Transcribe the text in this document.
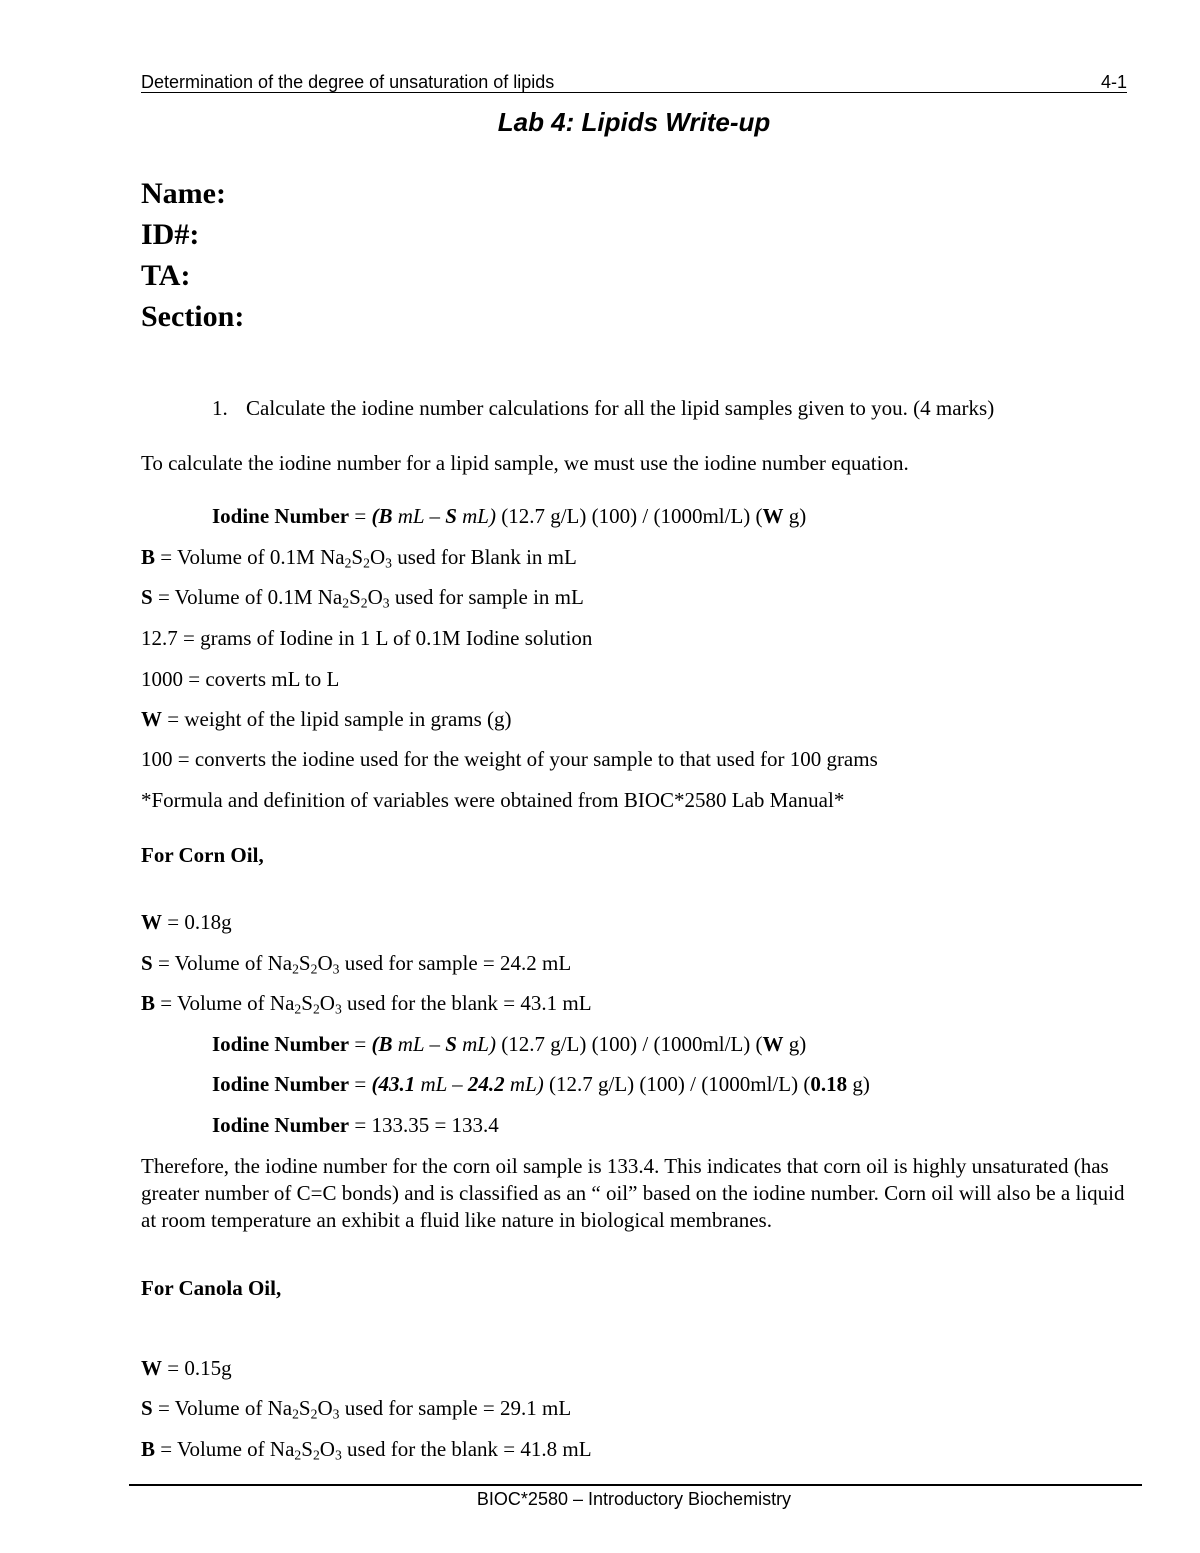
Determination of the degree of unsaturation of lipids	4-1
Lab 4: Lipids Write-up
Name:
ID#:
TA:
Section:
1. Calculate the iodine number calculations for all the lipid samples given to you. (4 marks)
To calculate the iodine number for a lipid sample, we must use the iodine number equation.
Iodine Number = (B mL – S mL) (12.7 g/L) (100) / (1000ml/L) (W g)
B = Volume of 0.1M $Na_2S_2O_3$ used for Blank in mL
S = Volume of 0.1M $Na_2S_2O_3$ used for sample in mL
12.7 = grams of Iodine in 1 L of 0.1M Iodine solution
1000 = coverts mL to L
W = weight of the lipid sample in grams (g)
100 = converts the iodine used for the weight of your sample to that used for 100 grams
*Formula and definition of variables were obtained from BIOC*2580 Lab Manual*
For Corn Oil,
W = 0.18g
S = Volume of $Na_2S_2O_3$ used for sample = 24.2 mL
B = Volume of $Na_2S_2O_3$ used for the blank = 43.1 mL
Iodine Number = (B mL – S mL) (12.7 g/L) (100) / (1000ml/L) (W g)
Iodine Number = (43.1 mL – 24.2 mL) (12.7 g/L) (100) / (1000ml/L) (0.18 g)
Iodine Number = 133.35 = 133.4
Therefore, the iodine number for the corn oil sample is 133.4. This indicates that corn oil is highly unsaturated (has greater number of C=C bonds) and is classified as an “ oil” based on the iodine number. Corn oil will also be a liquid at room temperature an exhibit a fluid like nature in biological membranes.
For Canola Oil,
W = 0.15g
S = Volume of $Na_2S_2O_3$ used for sample = 29.1 mL
B = Volume of $Na_2S_2O_3$ used for the blank = 41.8 mL
BIOC*2580 – Introductory Biochemistry
